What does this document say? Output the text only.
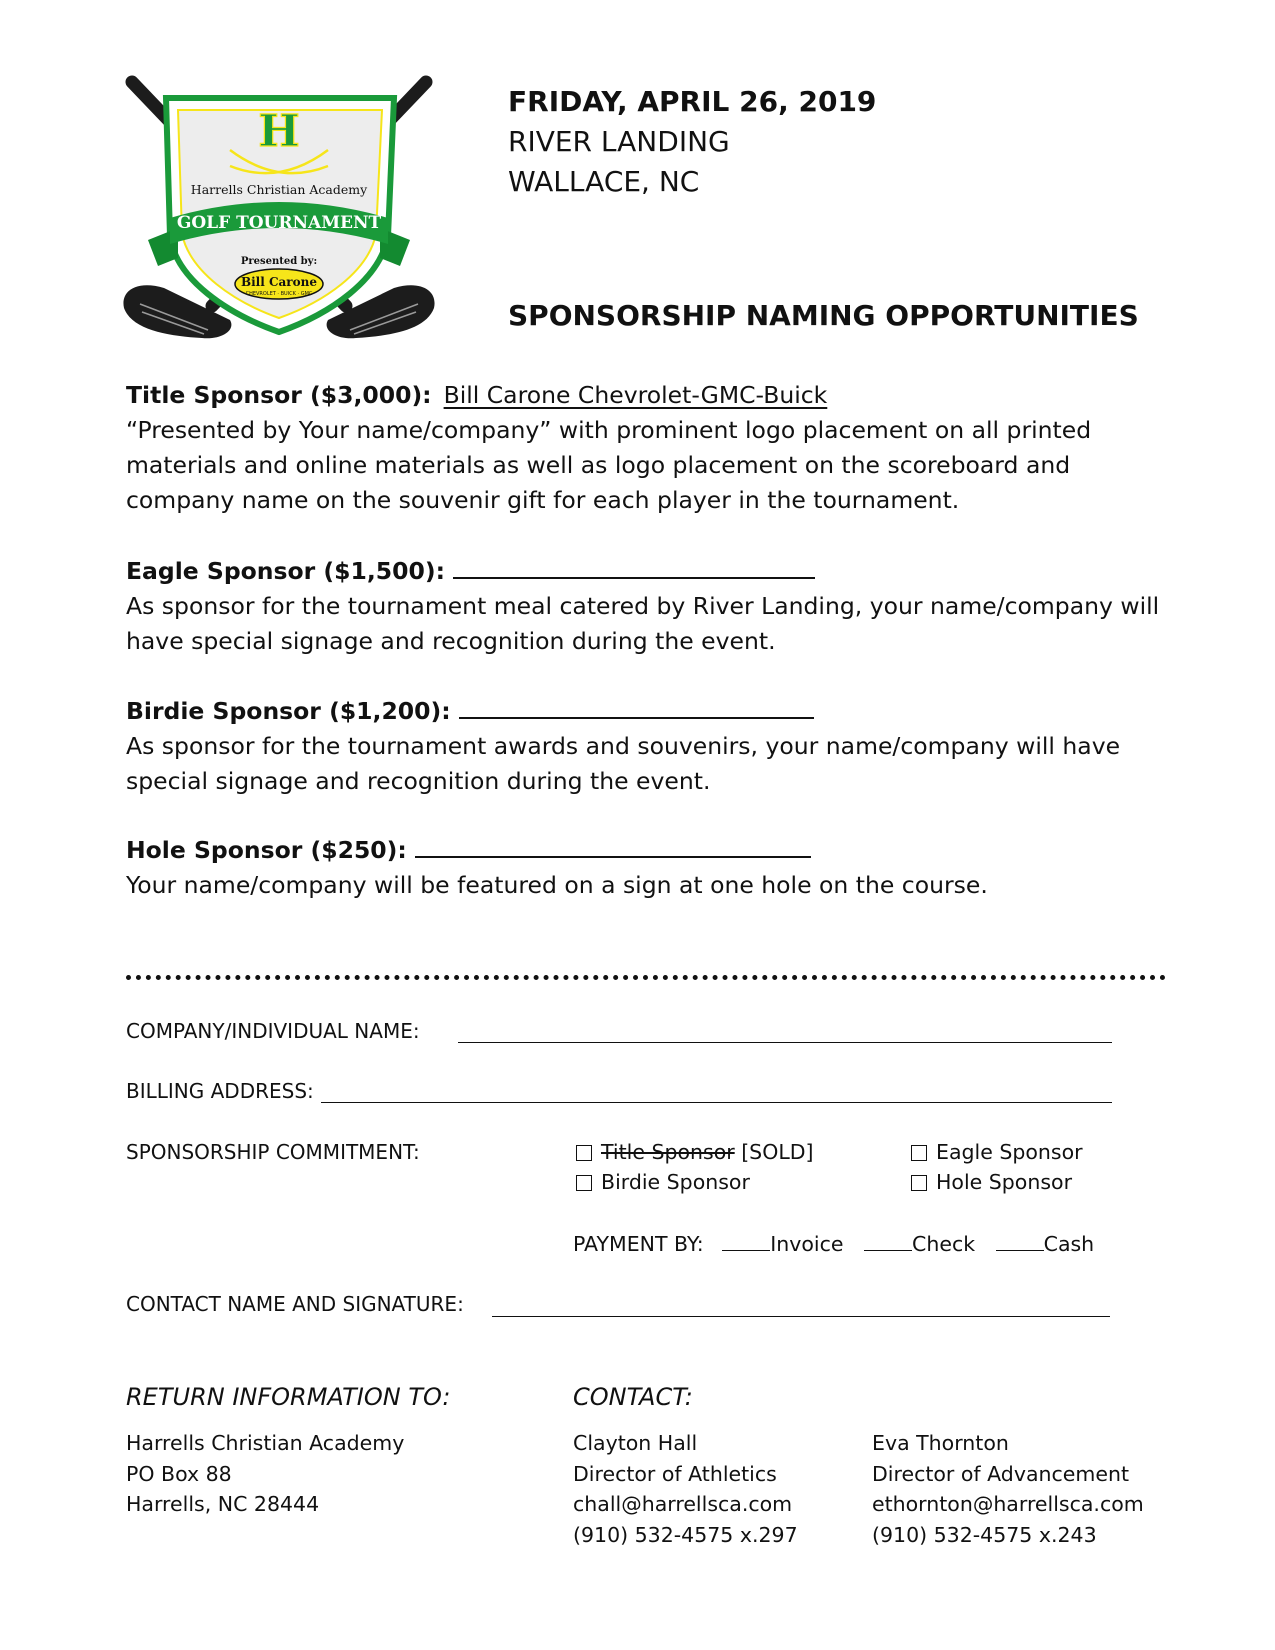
H
Harrells Christian Academy
GOLF TOURNAMENT
Presented by:
Bill Carone
CHEVROLET · BUICK · GMC
FRIDAY, APRIL 26, 2019
RIVER LANDING
WALLACE, NC
SPONSORSHIP NAMING OPPORTUNITIES
Title Sponsor ($3,000): Bill Carone Chevrolet-GMC-Buick
“Presented by Your name/company” with prominent logo placement on all printed materials and online materials as well as logo placement on the scoreboard and company name on the souvenir gift for each player in the tournament.
Eagle Sponsor ($1,500):
As sponsor for the tournament meal catered by River Landing, your name/company will have special signage and recognition during the event.
Birdie Sponsor ($1,200):
As sponsor for the tournament awards and souvenirs, your name/company will have special signage and recognition during the event.
Hole Sponsor ($250):
Your name/company will be featured on a sign at one hole on the course.
COMPANY/INDIVIDUAL NAME:
BILLING ADDRESS:
SPONSORSHIP COMMITMENT:	Title Sponsor [SOLD]	Eagle Sponsor
Birdie Sponsor	Hole Sponsor
PAYMENT BY:	Invoice	Check	Cash
CONTACT NAME AND SIGNATURE:
RETURN INFORMATION TO:
Harrells Christian Academy
PO Box 88
Harrells, NC 28444
CONTACT:
Clayton Hall
Director of Athletics
chall@harrellsca.com
(910) 532-4575 x.297
Eva Thornton
Director of Advancement
ethornton@harrellsca.com
(910) 532-4575 x.243
